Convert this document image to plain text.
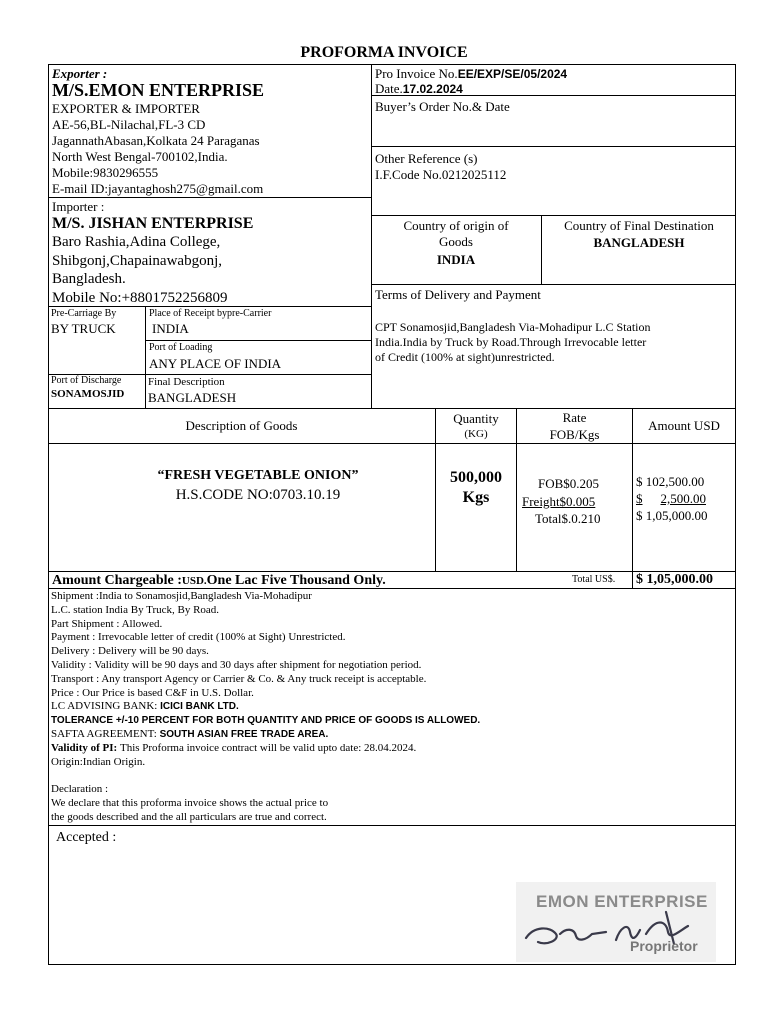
PROFORMA INVOICE
Exporter :
M/S.EMON ENTERPRISE
EXPORTER & IMPORTER
AE-56,BL-Nilachal,FL-3 CD
JagannathAbasan,Kolkata 24 Paraganas
North West Bengal-700102,India.
Mobile:9830296555
E-mail ID:jayantaghosh275@gmail.com
Pro Invoice No.EE/EXP/SE/05/2024
Date.17.02.2024
Buyer’s Order No.& Date
Other Reference (s)
I.F.Code No.0212025112
Importer :
M/S. JISHAN ENTERPRISE
Baro Rashia,Adina College,
Shibgonj,Chapainawabgonj,
Bangladesh.
Mobile No:+8801752256809
Country of origin of Goods
INDIA
Country of Final Destination
BANGLADESH
Terms of Delivery and Payment
CPT Sonamosjid,Bangladesh Via-Mohadipur L.C Station
India.India by Truck by Road.Through Irrevocable letter
of Credit (100% at sight)unrestricted.
Pre-Carriage By
BY TRUCK
Place of Receipt bypre-Carrier
INDIA
Port of Loading
ANY PLACE OF INDIA
Port of Discharge
SONAMOSJID
Final Description
BANGLADESH
Description of Goods	Quantity
(KG)
Rate
FOB/Kgs
Amount USD
“FRESH VEGETABLE ONION”
H.S.CODE NO:0703.10.19
500,000
Kgs
FOB$0.205
Freight$0.005
Total$.0.210
$ 102,500.00
$ 2,500.00
$ 1,05,000.00
Amount Chargeable :USD.One Lac Five Thousand Only.	Total US$. $ 1,05,000.00
Shipment :India to Sonamosjid,Bangladesh Via-Mohadipur
L.C. station India By Truck, By Road.
Part Shipment : Allowed.
Payment : Irrevocable letter of credit (100% at Sight) Unrestricted.
Delivery : Delivery will be 90 days.
Validity : Validity will be 90 days and 30 days after shipment for negotiation period.
Transport : Any transport Agency or Carrier & Co. & Any truck receipt is acceptable.
Price : Our Price is based C&F in U.S. Dollar.
LC ADVISING BANK: ICICI BANK LTD.
TOLERANCE +/-10 PERCENT FOR BOTH QUANTITY AND PRICE OF GOODS IS ALLOWED.
SAFTA AGREEMENT: SOUTH ASIAN FREE TRADE AREA.
Validity of PI: This Proforma invoice contract will be valid upto date: 28.04.2024.
Origin:Indian Origin.
Declaration :
We declare that this proforma invoice shows the actual price to
the goods described and the all particulars are true and correct.
Accepted :
EMON ENTERPRISE
Proprietor
